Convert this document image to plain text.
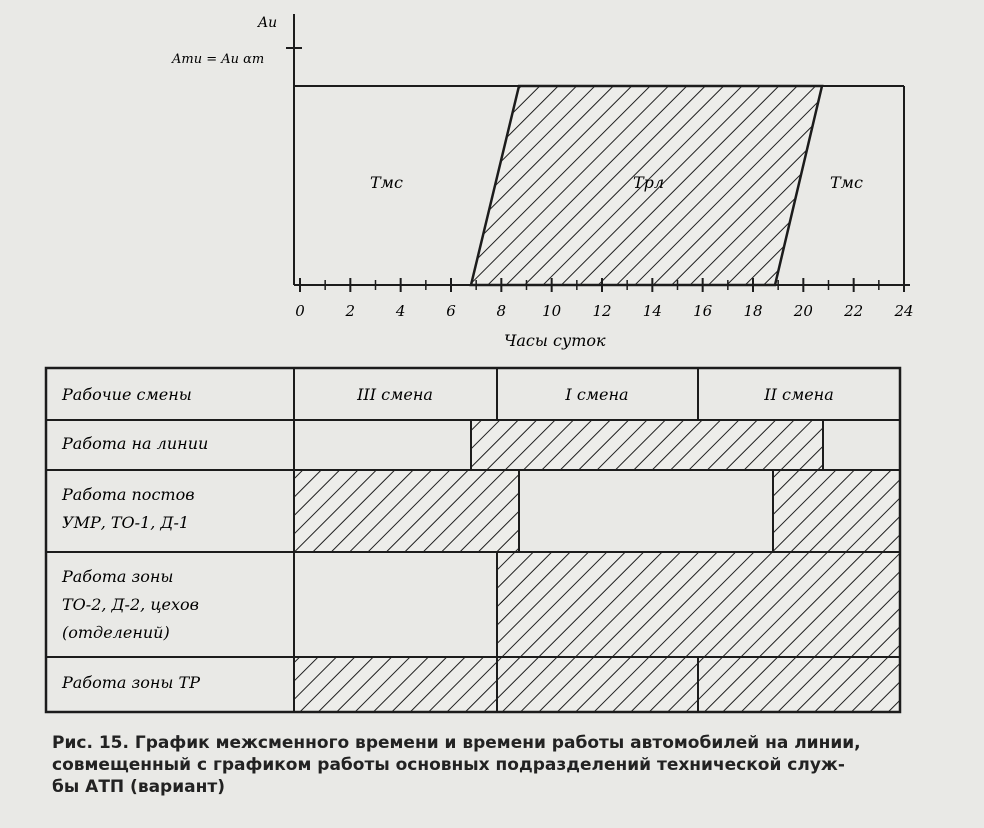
Aи
Aти = Aи αт
Тмс	Трл	Тмс
0	2	4	6	8 10 12 14 16 18 20 22 24
Часы суток
Рабочие смены	III смена	I смена	II смена
Работа на линии
Работа постов
УМР, ТО-1, Д-1
Работа зоны
ТО-2, Д-2, цехов
(отделений)
Работа зоны ТР
Рис. 15. График межсменного времени и времени работы автомобилей на линии,
совмещенный с графиком работы основных подразделений технической служ-
бы АТП (вариант)
